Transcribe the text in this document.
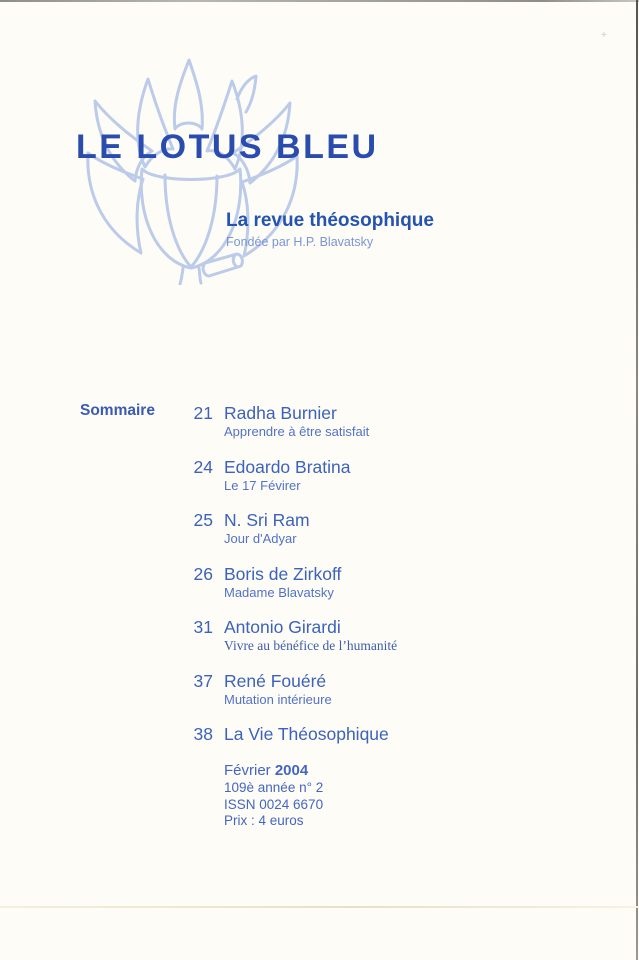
+
LE LOTUS BLEU
La revue théosophique
Fondée par H.P. Blavatsky
Sommaire	21 Radha Burnier
Apprendre à être satisfait
24 Edoardo Bratina
Le 17 Févirer
25 N. Sri Ram
Jour d'Adyar
26 Boris de Zirkoff
Madame Blavatsky
31 Antonio Girardi
Vivre au bénéfice de l’humanité
37 René Fouéré
Mutation intérieure
38 La Vie Théosophique
Février 2004
109è année n° 2
ISSN 0024 6670
Prix : 4 euros
